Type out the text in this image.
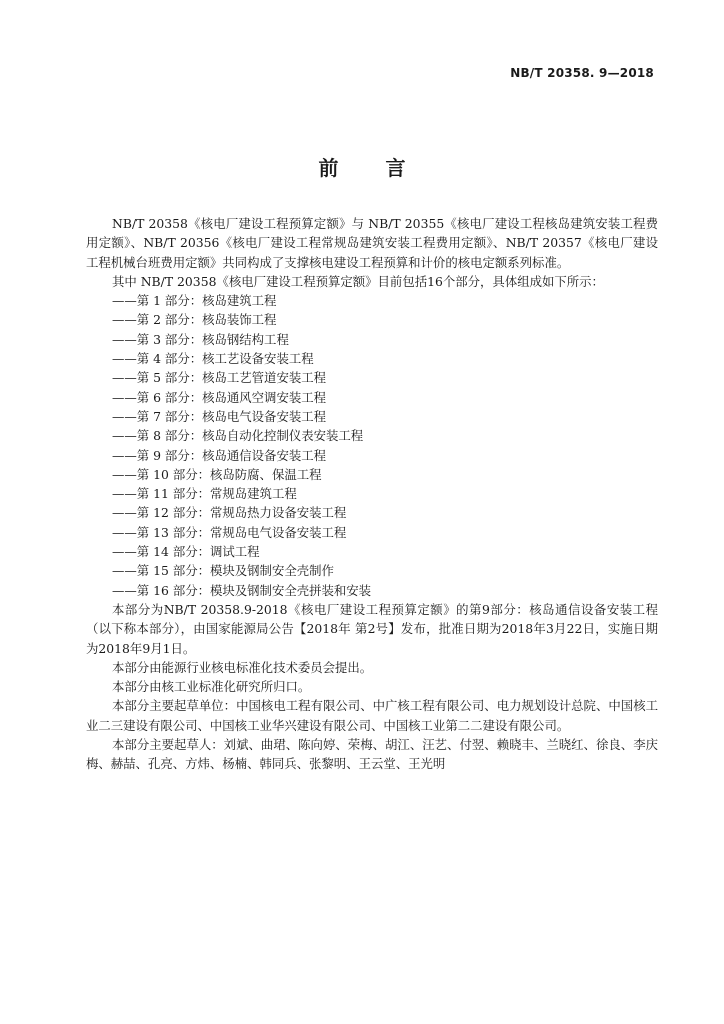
NB/T 20358. 9—2018
前 言

NB/T 20358《核电厂建设工程预算定额》与 NB/T 20355《核电厂建设工程核岛建筑安装工程费用定额》、NB/T 20356《核电厂建设工程常规岛建筑安装工程费用定额》、NB/T 20357《核电厂建设工程机械台班费用定额》共同构成了支撑核电建设工程预算和计价的核电定额系列标准。

其中 NB/T 20358《核电厂建设工程预算定额》目前包括16个部分，具体组成如下所示：

——第 1 部分：核岛建筑工程
——第 2 部分：核岛装饰工程
——第 3 部分：核岛钢结构工程
——第 4 部分：核工艺设备安装工程
——第 5 部分：核岛工艺管道安装工程
——第 6 部分：核岛通风空调安装工程
——第 7 部分：核岛电气设备安装工程
——第 8 部分：核岛自动化控制仪表安装工程
——第 9 部分：核岛通信设备安装工程
——第 10 部分：核岛防腐、保温工程
——第 11 部分：常规岛建筑工程
——第 12 部分：常规岛热力设备安装工程
——第 13 部分：常规岛电气设备安装工程
——第 14 部分：调试工程
——第 15 部分：模块及钢制安全壳制作
——第 16 部分：模块及钢制安全壳拼装和安装

本部分为NB/T 20358.9-2018《核电厂建设工程预算定额》的第9部分：核岛通信设备安装工程（以下称本部分），由国家能源局公告【2018年 第2号】发布，批准日期为2018年3月22日，实施日期为2018年9月1日。

本部分由能源行业核电标准化技术委员会提出。

本部分由核工业标准化研究所归口。

本部分主要起草单位：中国核电工程有限公司、中广核工程有限公司、电力规划设计总院、中国核工业二三建设有限公司、中国核工业华兴建设有限公司、中国核工业第二二建设有限公司。

本部分主要起草人：刘斌、曲珺、陈向婷、荣梅、胡江、汪艺、付翌、赖晓丰、兰晓红、徐良、李庆梅、赫喆、孔亮、方炜、杨楠、韩同兵、张黎明、王云堂、王光明
